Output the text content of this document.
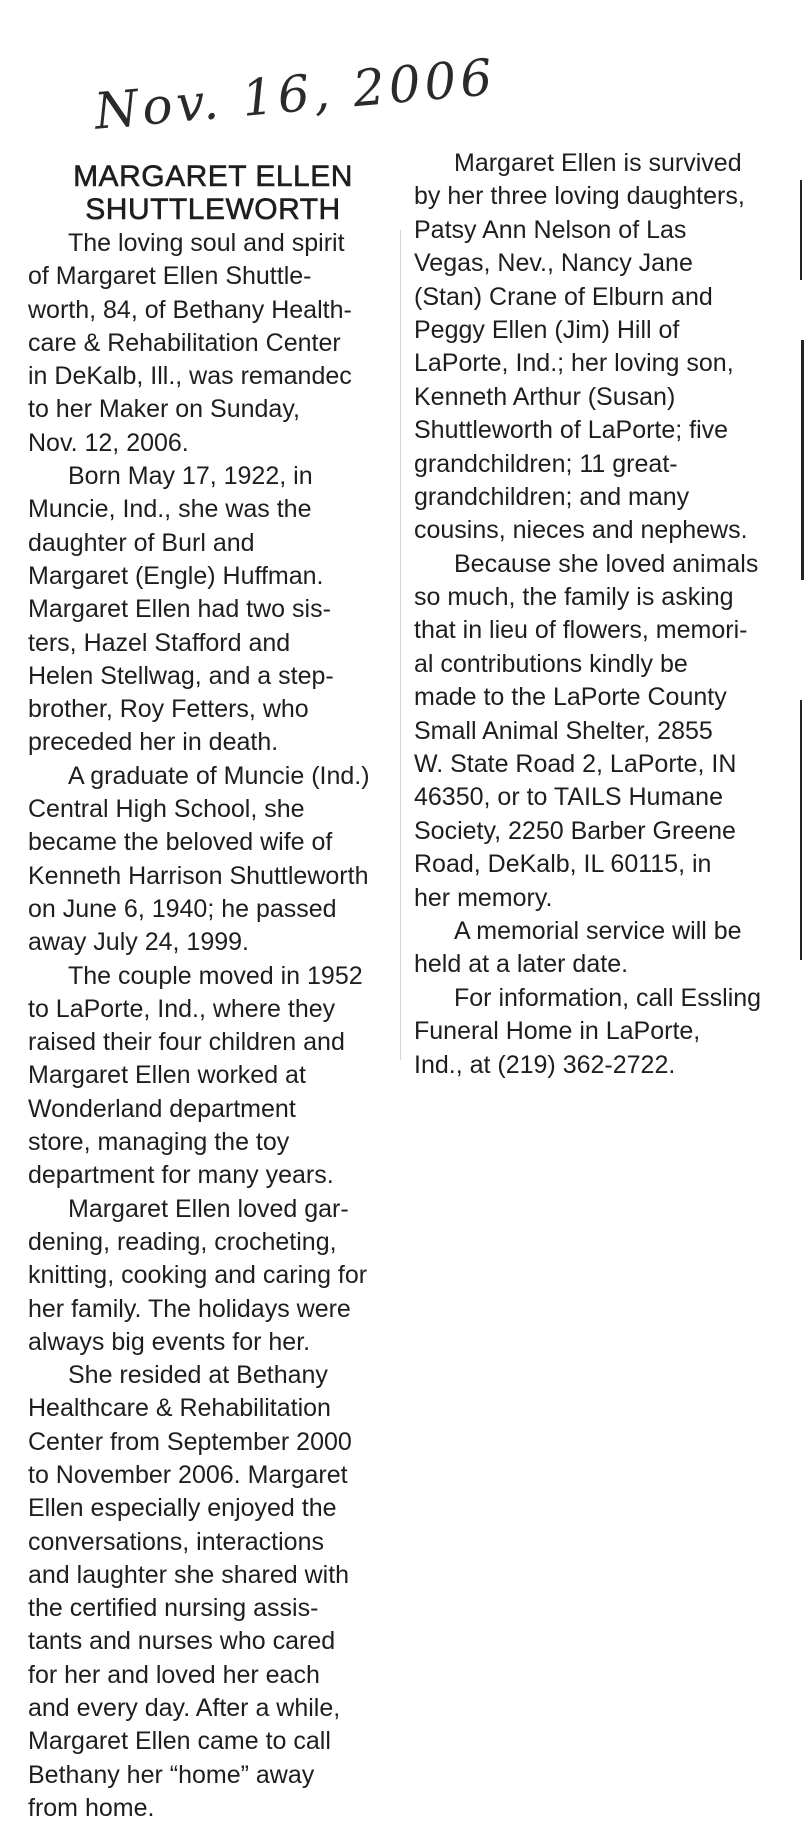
Nov. 16, 2006
MARGARET ELLEN
SHUTTLEWORTH
The loving soul and spirit
of Margaret Ellen Shuttle-
worth, 84, of Bethany Health-
care & Rehabilitation Center
in DeKalb, Ill., was remandec
to her Maker on Sunday,
Nov. 12, 2006.
Born May 17, 1922, in
Muncie, Ind., she was the
daughter of Burl and
Margaret (Engle) Huffman.
Margaret Ellen had two sis-
ters, Hazel Stafford and
Helen Stellwag, and a step-
brother, Roy Fetters, who
preceded her in death.
A graduate of Muncie (Ind.)
Central High School, she
became the beloved wife of
Kenneth Harrison Shuttleworth
on June 6, 1940; he passed
away July 24, 1999.
The couple moved in 1952
to LaPorte, Ind., where they
raised their four children and
Margaret Ellen worked at
Wonderland department
store, managing the toy
department for many years.
Margaret Ellen loved gar-
dening, reading, crocheting,
knitting, cooking and caring for
her family. The holidays were
always big events for her.
She resided at Bethany
Healthcare & Rehabilitation
Center from September 2000
to November 2006. Margaret
Ellen especially enjoyed the
conversations, interactions
and laughter she shared with
the certified nursing assis-
tants and nurses who cared
for her and loved her each
and every day. After a while,
Margaret Ellen came to call
Bethany her “home” away
from home.
Margaret Ellen is survived
by her three loving daughters,
Patsy Ann Nelson of Las
Vegas, Nev., Nancy Jane
(Stan) Crane of Elburn and
Peggy Ellen (Jim) Hill of
LaPorte, Ind.; her loving son,
Kenneth Arthur (Susan)
Shuttleworth of LaPorte; five
grandchildren; 11 great-
grandchildren; and many
cousins, nieces and nephews.
Because she loved animals
so much, the family is asking
that in lieu of flowers, memori-
al contributions kindly be
made to the LaPorte County
Small Animal Shelter, 2855
W. State Road 2, LaPorte, IN
46350, or to TAILS Humane
Society, 2250 Barber Greene
Road, DeKalb, IL 60115, in
her memory.
A memorial service will be
held at a later date.
For information, call Essling
Funeral Home in LaPorte,
Ind., at (219) 362-2722.
